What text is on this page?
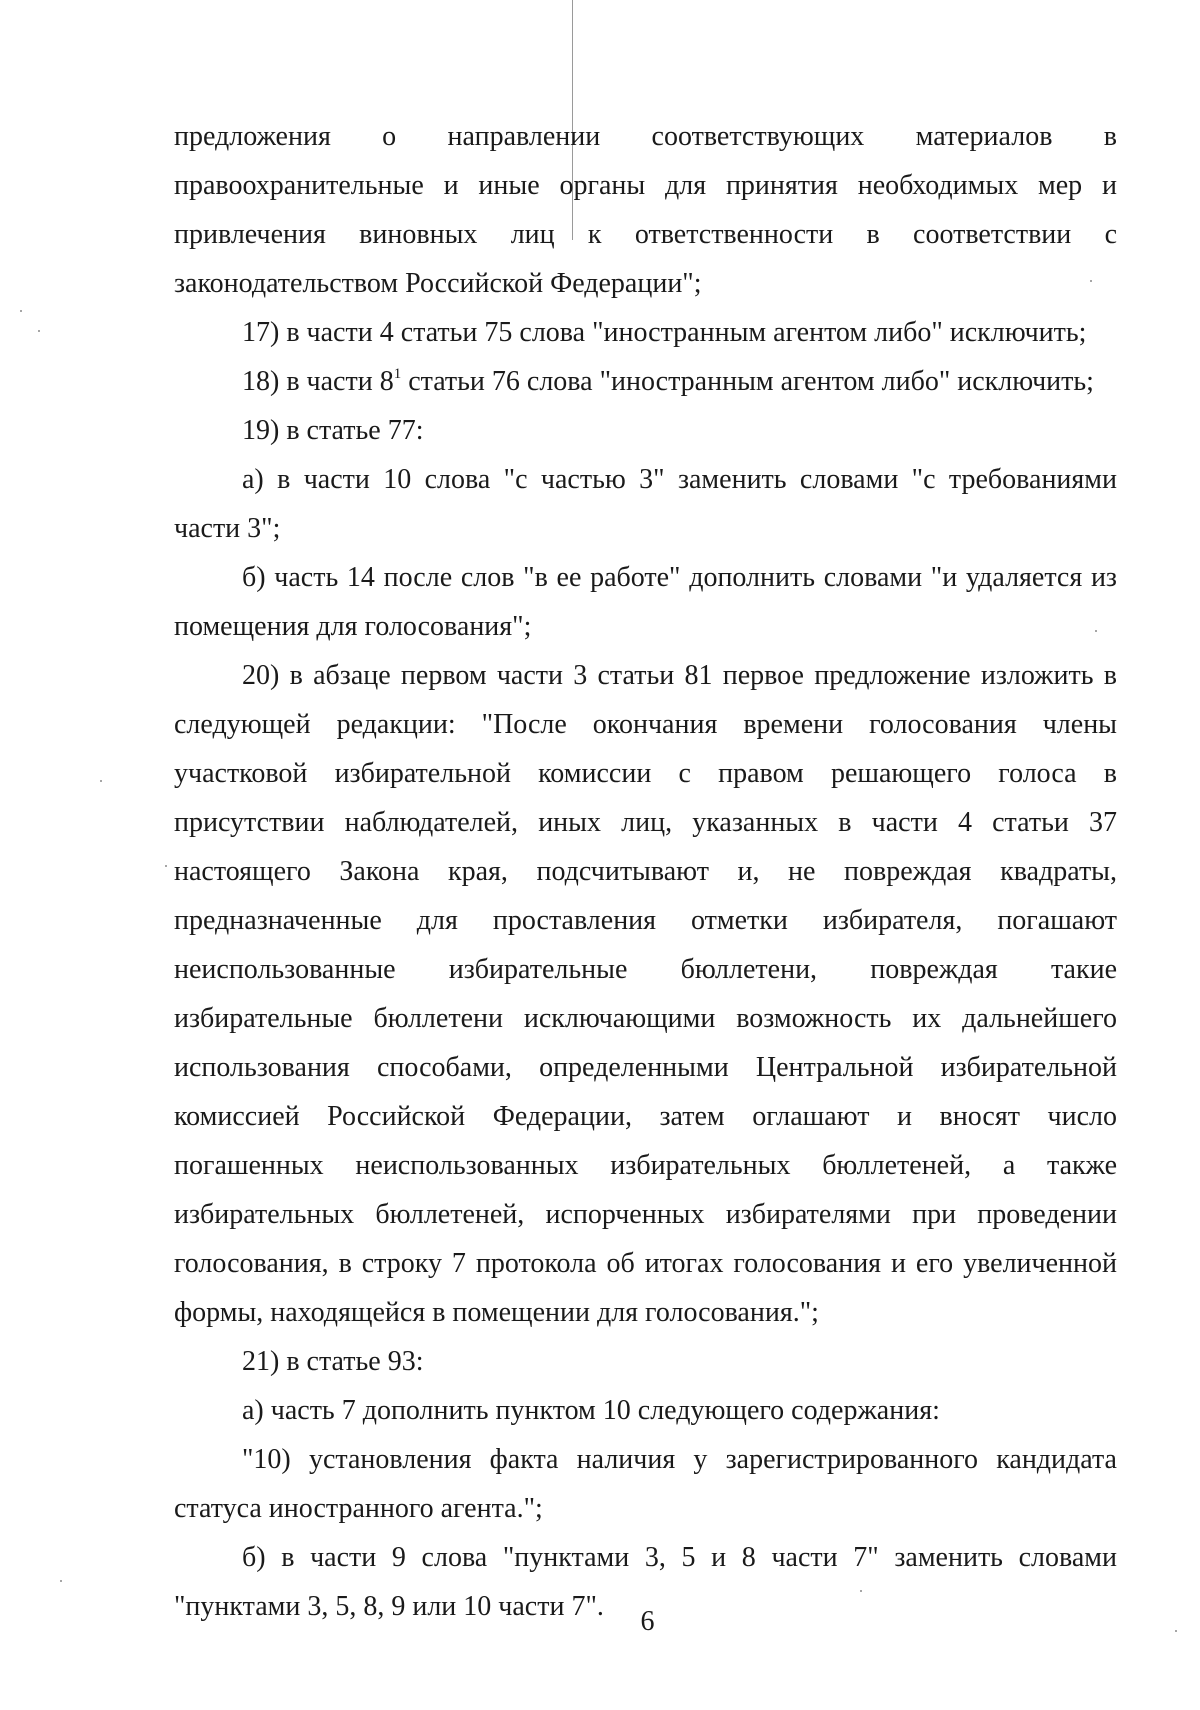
предложения о направлении соответствующих материалов в правоохранительные и иные органы для принятия необходимых мер и привлечения виновных лиц к ответственности в соответствии с законодательством Российской Федерации";

17) в части 4 статьи 75 слова "иностранным агентом либо" исключить;

18) в части $8^1$ статьи 76 слова "иностранным агентом либо" исключить;

19) в статье 77:

а) в части 10 слова "с частью 3" заменить словами "с требованиями части 3";

б) часть 14 после слов "в ее работе" дополнить словами "и удаляется из помещения для голосования";

20) в абзаце первом части 3 статьи 81 первое предложение изложить в следующей редакции: "После окончания времени голосования члены участковой избирательной комиссии с правом решающего голоса в присутствии наблюдателей, иных лиц, указанных в части 4 статьи 37 настоящего Закона края, подсчитывают и, не повреждая квадраты, предназначенные для проставления отметки избирателя, погашают неиспользованные избирательные бюллетени, повреждая такие избирательные бюллетени исключающими возможность их дальнейшего использования способами, определенными Центральной избирательной комиссией Российской Федерации, затем оглашают и вносят число погашенных неиспользованных избирательных бюллетеней, а также избирательных бюллетеней, испорченных избирателями при проведении голосования, в строку 7 протокола об итогах голосования и его увеличенной формы, находящейся в помещении для голосования.";

21) в статье 93:

а) часть 7 дополнить пунктом 10 следующего содержания:

"10) установления факта наличия у зарегистрированного кандидата статуса иностранного агента.";

б) в части 9 слова "пунктами 3, 5 и 8 части 7" заменить словами "пунктами 3, 5, 8, 9 или 10 части 7".	6
